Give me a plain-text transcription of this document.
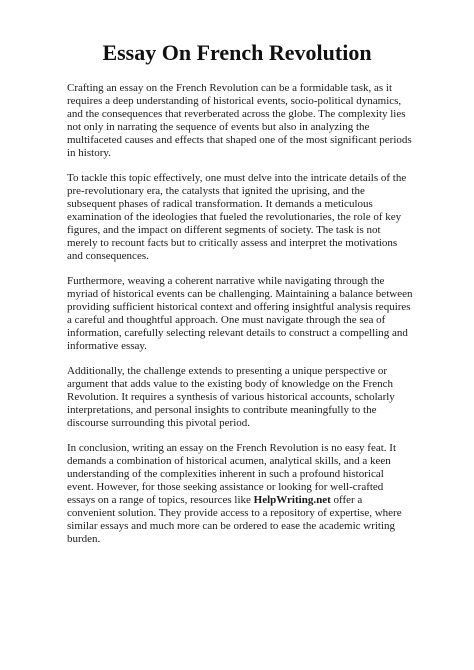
Essay On French Revolution

Crafting an essay on the French Revolution can be a formidable task, as it requires a deep understanding of historical events, socio-political dynamics, and the consequences that reverberated across the globe. The complexity lies not only in narrating the sequence of events but also in analyzing the multifaceted causes and effects that shaped one of the most significant periods in history.

To tackle this topic effectively, one must delve into the intricate details of the pre-revolutionary era, the catalysts that ignited the uprising, and the subsequent phases of radical transformation. It demands a meticulous examination of the ideologies that fueled the revolutionaries, the role of key figures, and the impact on different segments of society. The task is not merely to recount facts but to critically assess and interpret the motivations and consequences.

Furthermore, weaving a coherent narrative while navigating through the myriad of historical events can be challenging. Maintaining a balance between providing sufficient historical context and offering insightful analysis requires a careful and thoughtful approach. One must navigate through the sea of information, carefully selecting relevant details to construct a compelling and informative essay.

Additionally, the challenge extends to presenting a unique perspective or argument that adds value to the existing body of knowledge on the French Revolution. It requires a synthesis of various historical accounts, scholarly interpretations, and personal insights to contribute meaningfully to the discourse surrounding this pivotal period.

In conclusion, writing an essay on the French Revolution is no easy feat. It demands a combination of historical acumen, analytical skills, and a keen understanding of the complexities inherent in such a profound historical event. However, for those seeking assistance or looking for well-crafted essays on a range of topics, resources like HelpWriting.net offer a convenient solution. They provide access to a repository of expertise, where similar essays and much more can be ordered to ease the academic writing burden.
